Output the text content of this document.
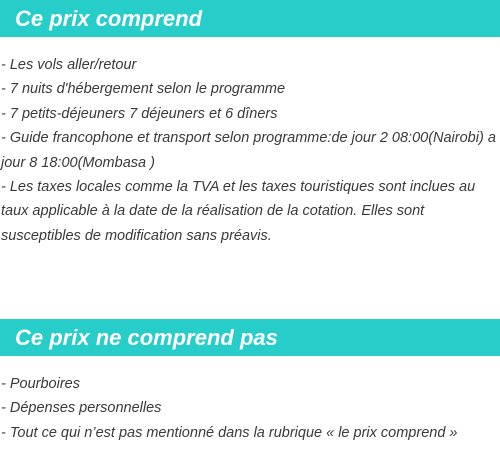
Ce prix comprend
- Les vols aller/retour
- 7 nuits d'hébergement selon le programme
- 7 petits-déjeuners 7 déjeuners et 6 dîners
- Guide francophone et transport selon programme:de jour 2 08:00(Nairobi) a jour 8 18:00(Mombasa )
- Les taxes locales comme la TVA et les taxes touristiques sont inclues au taux applicable à la date de la réalisation de la cotation. Elles sont susceptibles de modification sans préavis.
Ce prix ne comprend pas
- Pourboires
- Dépenses personnelles
- Tout ce qui n’est pas mentionné dans la rubrique « le prix comprend »
